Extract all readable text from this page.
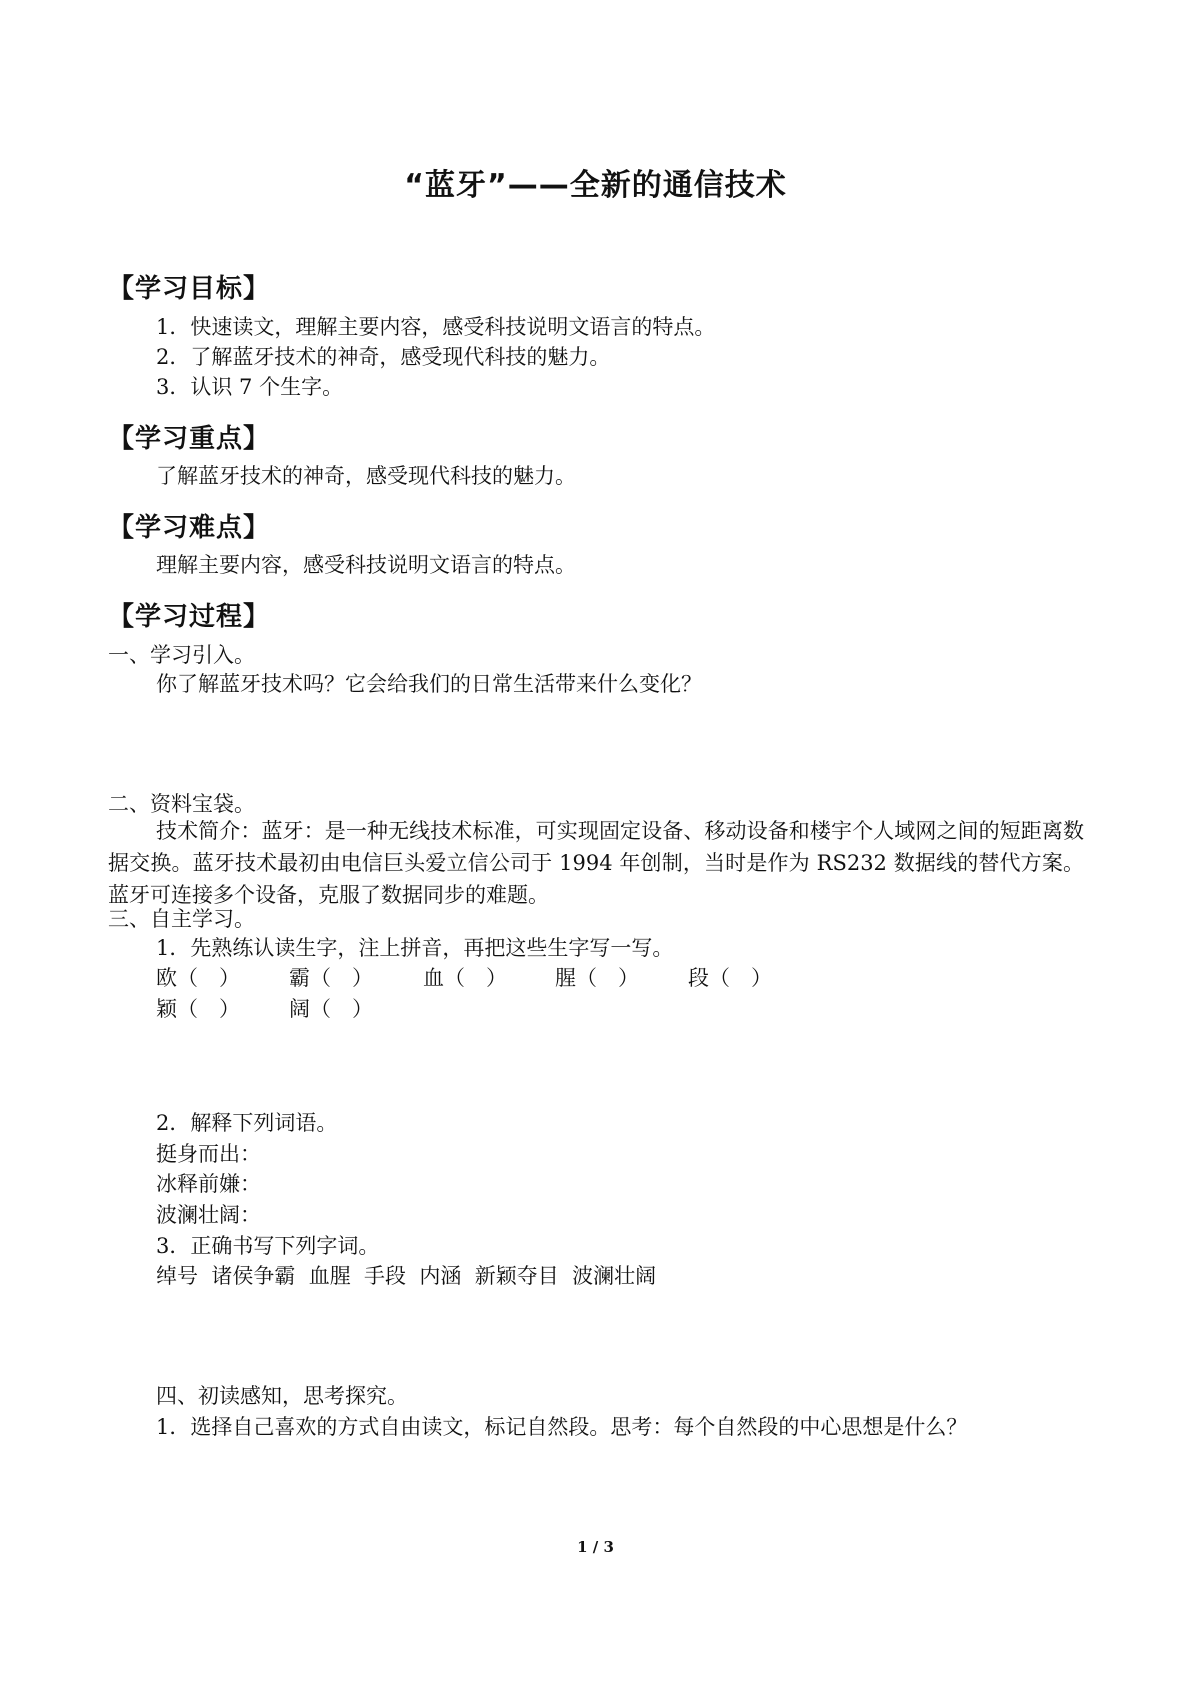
“蓝牙”——全新的通信技术
【学习目标】
1．快速读文，理解主要内容，感受科技说明文语言的特点。
2．了解蓝牙技术的神奇，感受现代科技的魅力。
3．认识 7 个生字。
【学习重点】
了解蓝牙技术的神奇，感受现代科技的魅力。
【学习难点】
理解主要内容，感受科技说明文语言的特点。
【学习过程】
一、学习引入。
你了解蓝牙技术吗？它会给我们的日常生活带来什么变化？
二、资料宝袋。
技术简介：蓝牙：是一种无线技术标准，可实现固定设备、移动设备和楼宇个人域网之间的短距离数据交换。蓝牙技术最初由电信巨头爱立信公司于 1994 年创制，当时是作为 RS232 数据线的替代方案。蓝牙可连接多个设备，克服了数据同步的难题。
三、自主学习。
1．先熟练认读生字，注上拼音，再把这些生字写一写。
欧（　） 霸（　） 血（　） 腥（　） 段（　）
颖（　） 阔（　）
2．解释下列词语。
挺身而出：
冰释前嫌：
波澜壮阔：
3．正确书写下列字词。
绰号  诸侯争霸  血腥  手段  内涵  新颖夺目  波澜壮阔
四、初读感知，思考探究。
1．选择自己喜欢的方式自由读文，标记自然段。思考：每个自然段的中心思想是什么？
1 / 3
